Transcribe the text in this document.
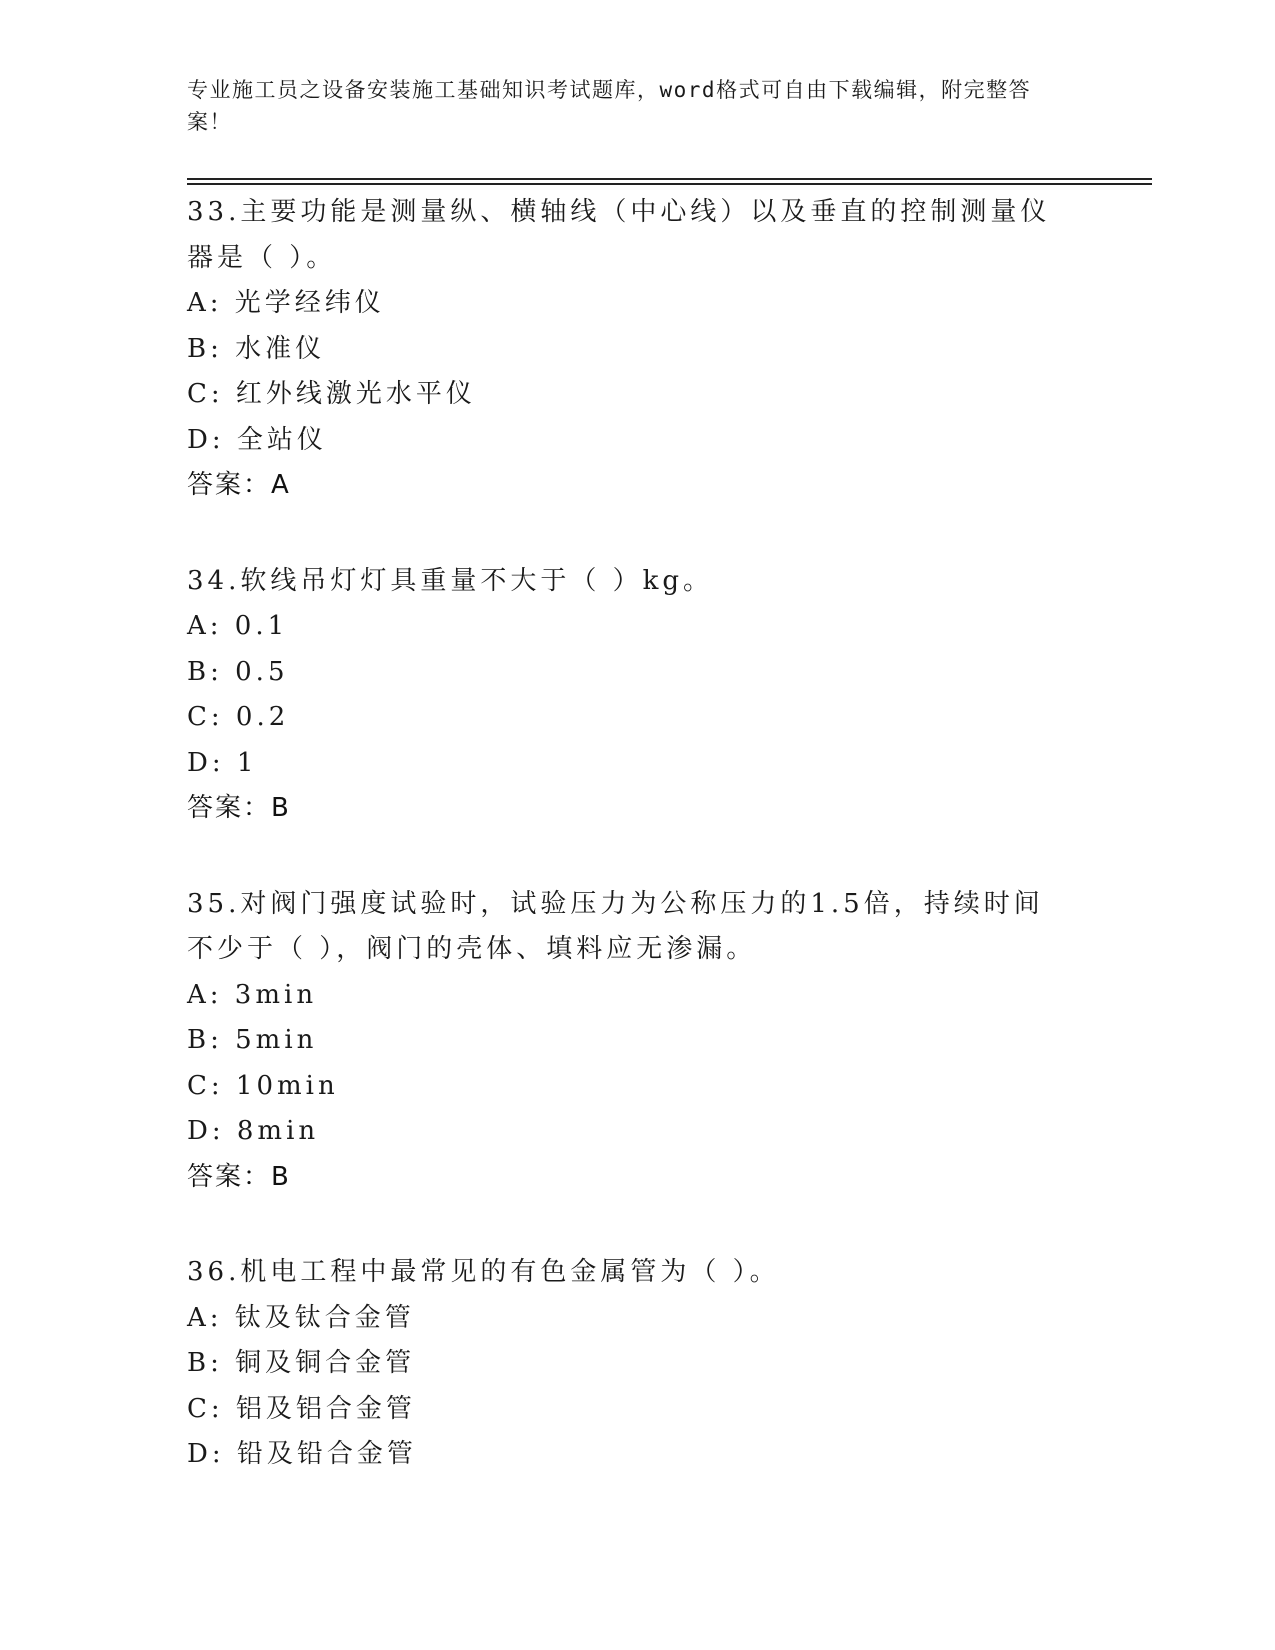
专业施工员之设备安装施工基础知识考试题库，word格式可自由下载编辑，附完整答案！

33.主要功能是测量纵、横轴线（中心线）以及垂直的控制测量仪器是（ ）。

A: 光学经纬仪

B: 水准仪

C: 红外线激光水平仪

D: 全站仪

答案：A

34.软线吊灯灯具重量不大于（ ）kg。

A: 0.1

B: 0.5

C: 0.2

D: 1

答案：B

35.对阀门强度试验时，试验压力为公称压力的1.5倍，持续时间不少于（ ），阀门的壳体、填料应无渗漏。

A: 3min

B: 5min

C: 10min

D: 8min

答案：B

36.机电工程中最常见的有色金属管为（ ）。

A: 钛及钛合金管

B: 铜及铜合金管

C: 铝及铝合金管

D: 铅及铅合金管
